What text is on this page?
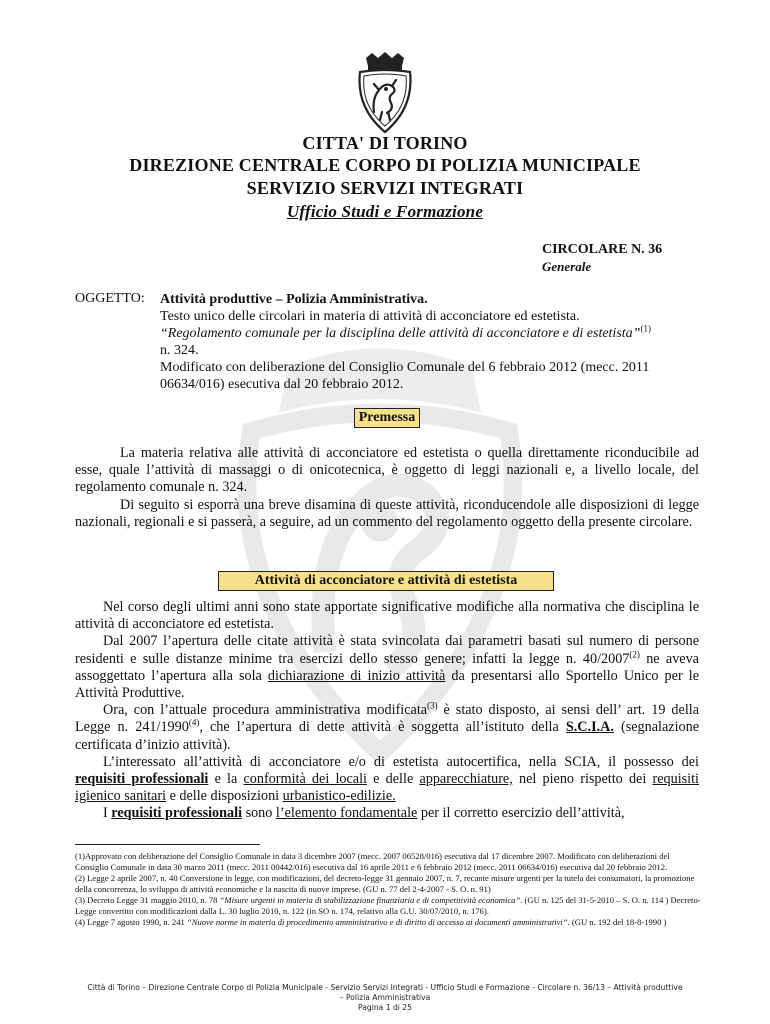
CITTA' DI TORINO
DIREZIONE CENTRALE CORPO DI POLIZIA MUNICIPALE
SERVIZIO SERVIZI INTEGRATI
Ufficio Studi e Formazione
CIRCOLARE N. 36
Generale
OGGETTO: Attività produttive – Polizia Amministrativa.
Testo unico delle circolari in materia di attività di acconciatore ed estetista.
“Regolamento comunale per la disciplina delle attività di acconciatore e di estetista”$^{(1)}$
n. 324.
Modificato con deliberazione del Consiglio Comunale del 6 febbraio 2012 (mecc. 2011
06634/016) esecutiva dal 20 febbraio 2012.
Premessa

La materia relativa alle attività di acconciatore ed estetista o quella direttamente riconducibile ad esse, quale l’attività di massaggi o di onicotecnica, è oggetto di leggi nazionali e, a livello locale, del regolamento comunale n. 324.

Di seguito si esporrà una breve disamina di queste attività, riconducendole alle disposizioni di legge nazionali, regionali e si passerà, a seguire, ad un commento del regolamento oggetto della presente circolare.

Attività di acconciatore e attività di estetista

Nel corso degli ultimi anni sono state apportate significative modifiche alla normativa che disciplina le attività di acconciatore ed estetista.

Dal 2007 l’apertura delle citate attività è stata svincolata dai parametri basati sul numero di persone residenti e sulle distanze minime tra esercizi dello stesso genere; infatti la legge n. 40/2007$^{(2)}$ ne aveva assoggettato l’apertura alla sola dichiarazione di inizio attività da presentarsi allo Sportello Unico per le Attività Produttive.

Ora, con l’attuale procedura amministrativa modificata$^{(3)}$ è stato disposto, ai sensi dell’ art. 19 della Legge n. 241/1990$^{(4)}$, che l’apertura di dette attività è soggetta all’istituto della S.C.I.A. (segnalazione certificata d’inizio attività).

L’interessato all’attività di acconciatore e/o di estetista autocertifica, nella SCIA, il possesso dei requisiti professionali e la conformità dei locali e delle apparecchiature, nel pieno rispetto dei requisiti igienico sanitari e delle disposizioni urbanistico-edilizie.

I requisiti professionali sono l’elemento fondamentale per il corretto esercizio dell’attività,

(1)Approvato con deliberazione del Consiglio Comunale in data 3 dicembre 2007 (mecc. 2007 06528/016) esecutiva dal 17 dicembre 2007. Modificato con deliberazioni del Consiglio Comunale in data 30 marzo 2011 (mecc. 2011 00442/016) esecutiva dal 16 aprile 2011 e 6 febbraio 2012 (mecc. 2011 06634/016) esecutiva dal 20 febbraio 2012.

(2) Legge 2 aprile 2007, n. 40 Conversione in legge, con modificazioni, del decreto-legge 31 gennaio 2007, n. 7, recante misure urgenti per la tutela dei consumatori, la promozione della concorrenza, lo sviluppo di attività economiche e la nascita di nuove imprese. (GU n. 77 del 2-4-2007 - S. O. n. 91)

(3) Decreto Legge 31 maggio 2010, n. 78 “Misure urgenti in materia di stabilizzazione finanziaria e di competitività economica”. (GU n. 125 del 31-5-2010 – S. O. n. 114 ) Decreto-Legge convertito con modificazioni dalla L. 30 luglio 2010, n. 122 (in SO n. 174, relativo alla G.U. 30/07/2010, n. 176).

(4) Legge 7 agosto 1990, n. 241 “Nuove norme in materia di procedimento amministrativo e di diritto di accesso ai documenti amministrativi”. (GU n. 192 del 18-8-1990 )

Città di Torino – Direzione Centrale Corpo di Polizia Municipale - Servizio Servizi Integrati - Ufficio Studi e Formazione - Circolare n. 36/13 – Attività produttive
– Polizia Amministrativa
Pagina 1 di 25
